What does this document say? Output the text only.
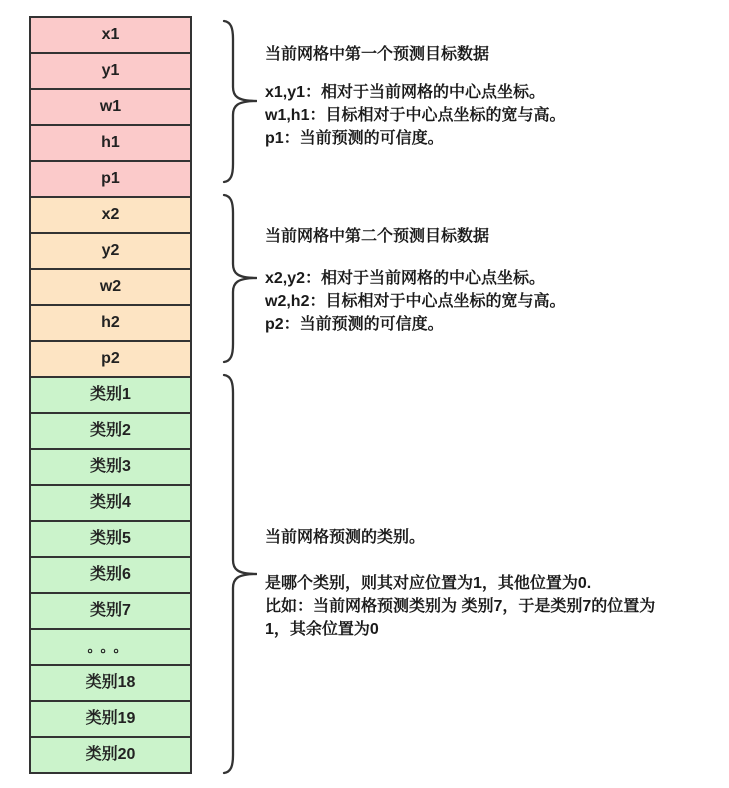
x1
y1
w1
h1
p1
x2
y2
w2
h2
p2
类别1
类别2
类别3
类别4
类别5
类别6
类别7
。。。
类别18
类别19
类别20
当前网格中第一个预测目标数据
x1,y1：相对于当前网格的中心点坐标。
w1,h1：目标相对于中心点坐标的宽与高。
p1：当前预测的可信度。
当前网格中第二个预测目标数据
x2,y2：相对于当前网格的中心点坐标。
w2,h2：目标相对于中心点坐标的宽与高。
p2：当前预测的可信度。
当前网格预测的类别。
是哪个类别，则其对应位置为1，其他位置为0.
比如：当前网格预测类别为 类别7，于是类别7的位置为
1，其余位置为0
